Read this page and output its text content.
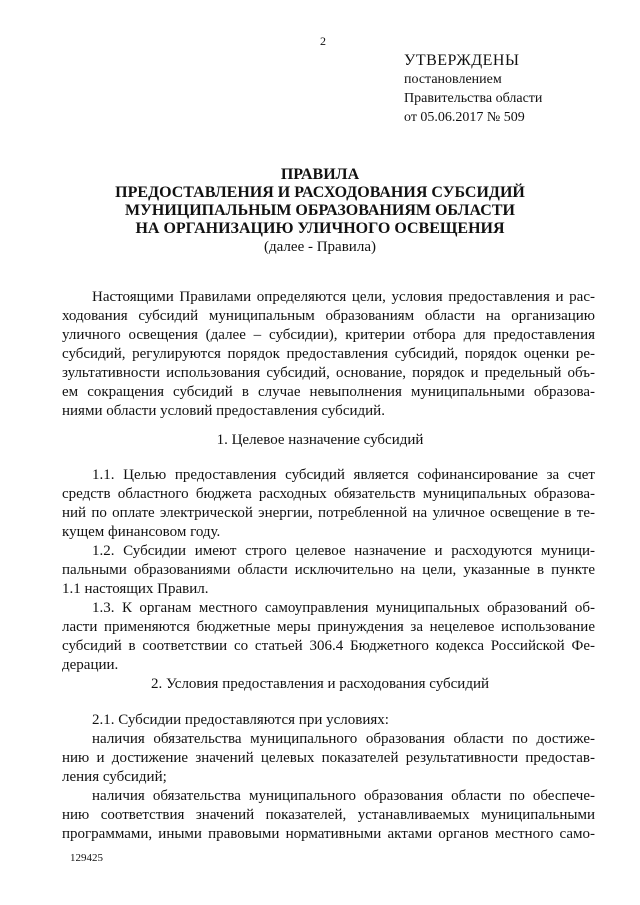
2
УТВЕРЖДЕНЫ
постановлением
Правительства области
от 05.06.2017 № 509
ПРАВИЛА
ПРЕДОСТАВЛЕНИЯ И РАСХОДОВАНИЯ СУБСИДИЙ
МУНИЦИПАЛЬНЫМ ОБРАЗОВАНИЯМ ОБЛАСТИ
НА ОРГАНИЗАЦИЮ УЛИЧНОГО ОСВЕЩЕНИЯ
(далее - Правила)
Настоящими Правилами определяются цели, условия предоставления и рас-
ходования субсидий муниципальным образованиям области на организацию
уличного освещения (далее – субсидии), критерии отбора для предоставления
субсидий, регулируются порядок предоставления субсидий, порядок оценки ре-
зультативности использования субсидий, основание, порядок и предельный объ-
ем сокращения субсидий в случае невыполнения муниципальными образова-
ниями области условий предоставления субсидий.
1. Целевое назначение субсидий
1.1. Целью предоставления субсидий является софинансирование за счет
средств областного бюджета расходных обязательств муниципальных образова-
ний по оплате электрической энергии, потребленной на уличное освещение в те-
кущем финансовом году.
1.2. Субсидии имеют строго целевое назначение и расходуются муници-
пальными образованиями области исключительно на цели, указанные в пункте
1.1 настоящих Правил.
1.3. К органам местного самоуправления муниципальных образований об-
ласти применяются бюджетные меры принуждения за нецелевое использование
субсидий в соответствии со статьей 306.4 Бюджетного кодекса Российской Фе-
дерации.
2. Условия предоставления и расходования субсидий
2.1. Субсидии предоставляются при условиях:
наличия обязательства муниципального образования области по достиже-
нию и достижение значений целевых показателей результативности предостав-
ления субсидий;
наличия обязательства муниципального образования области по обеспече-
нию соответствия значений показателей, устанавливаемых муниципальными
программами, иными правовыми нормативными актами органов местного само-
129425
